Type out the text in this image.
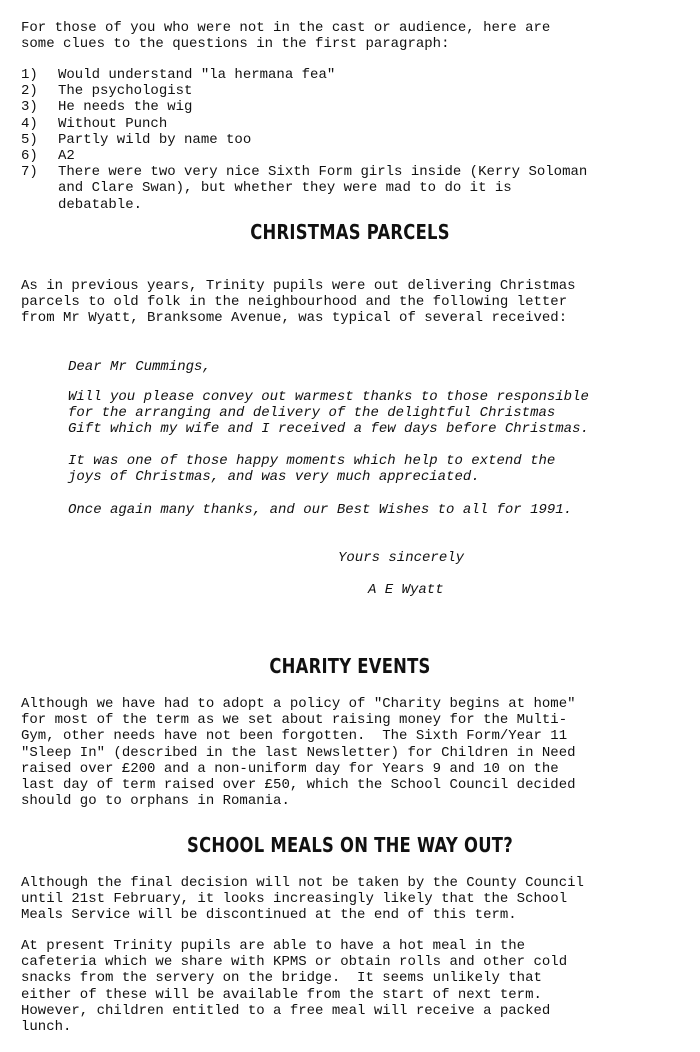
For those of you who were not in the cast or audience, here are
some clues to the questions in the first paragraph:

1) Would understand "la hermana fea"
2) The psychologist
3) He needs the wig
4) Without Punch
5) Partly wild by name too
6) A2
7) There were two very nice Sixth Form girls inside (Kerry Soloman
and Clare Swan), but whether they were mad to do it is
debatable.
CHRISTMAS PARCELS

As in previous years, Trinity pupils were out delivering Christmas
parcels to old folk in the neighbourhood and the following letter
from Mr Wyatt, Branksome Avenue, was typical of several received:

Dear Mr Cummings,

Will you please convey out warmest thanks to those responsible
for the arranging and delivery of the delightful Christmas
Gift which my wife and I received a few days before Christmas.

It was one of those happy moments which help to extend the
joys of Christmas, and was very much appreciated.

Once again many thanks, and our Best Wishes to all for 1991.

Yours sincerely

A E Wyatt

CHARITY EVENTS

Although we have had to adopt a policy of "Charity begins at home"
for most of the term as we set about raising money for the Multi-
Gym, other needs have not been forgotten.  The Sixth Form/Year 11
"Sleep In" (described in the last Newsletter) for Children in Need
raised over £200 and a non-uniform day for Years 9 and 10 on the
last day of term raised over £50, which the School Council decided
should go to orphans in Romania.

SCHOOL MEALS ON THE WAY OUT?

Although the final decision will not be taken by the County Council
until 21st February, it looks increasingly likely that the School
Meals Service will be discontinued at the end of this term.

At present Trinity pupils are able to have a hot meal in the
cafeteria which we share with KPMS or obtain rolls and other cold
snacks from the servery on the bridge.  It seems unlikely that
either of these will be available from the start of next term.
However, children entitled to a free meal will receive a packed
lunch.
